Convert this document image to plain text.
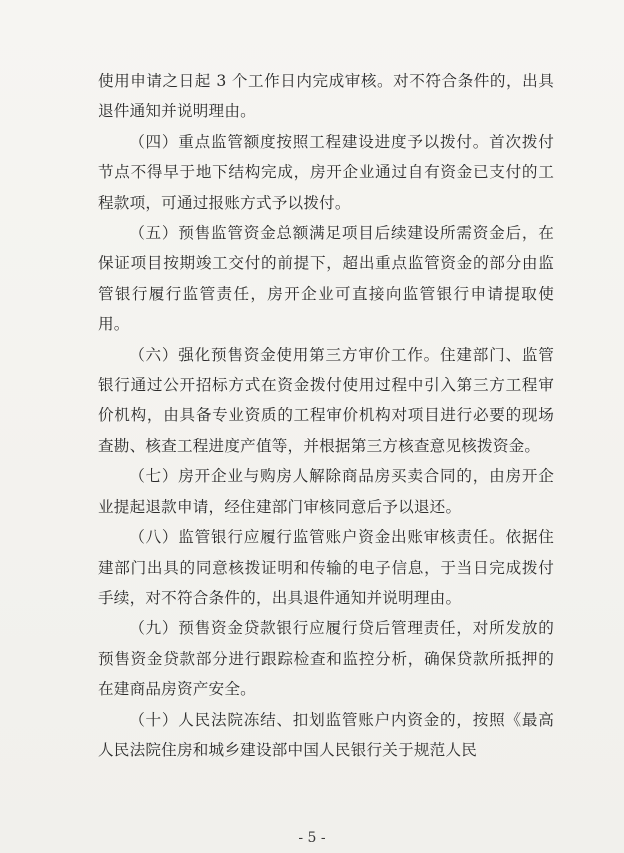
使用申请之日起 3 个工作日内完成审核。对不符合条件的，出具退件通知并说明理由。

（四）重点监管额度按照工程建设进度予以拨付。首次拨付节点不得早于地下结构完成，房开企业通过自有资金已支付的工程款项，可通过报账方式予以拨付。

（五）预售监管资金总额满足项目后续建设所需资金后，在保证项目按期竣工交付的前提下，超出重点监管资金的部分由监管银行履行监管责任，房开企业可直接向监管银行申请提取使用。

（六）强化预售资金使用第三方审价工作。住建部门、监管银行通过公开招标方式在资金拨付使用过程中引入第三方工程审价机构，由具备专业资质的工程审价机构对项目进行必要的现场查勘、核查工程进度产值等，并根据第三方核查意见核拨资金。

（七）房开企业与购房人解除商品房买卖合同的，由房开企业提起退款申请，经住建部门审核同意后予以退还。

（八）监管银行应履行监管账户资金出账审核责任。依据住建部门出具的同意核拨证明和传输的电子信息，于当日完成拨付手续，对不符合条件的，出具退件通知并说明理由。

（九）预售资金贷款银行应履行贷后管理责任，对所发放的预售资金贷款部分进行跟踪检查和监控分析，确保贷款所抵押的在建商品房资产安全。

（十）人民法院冻结、扣划监管账户内资金的，按照《最高人民法院住房和城乡建设部中国人民银行关于规范人民

- 5 -
